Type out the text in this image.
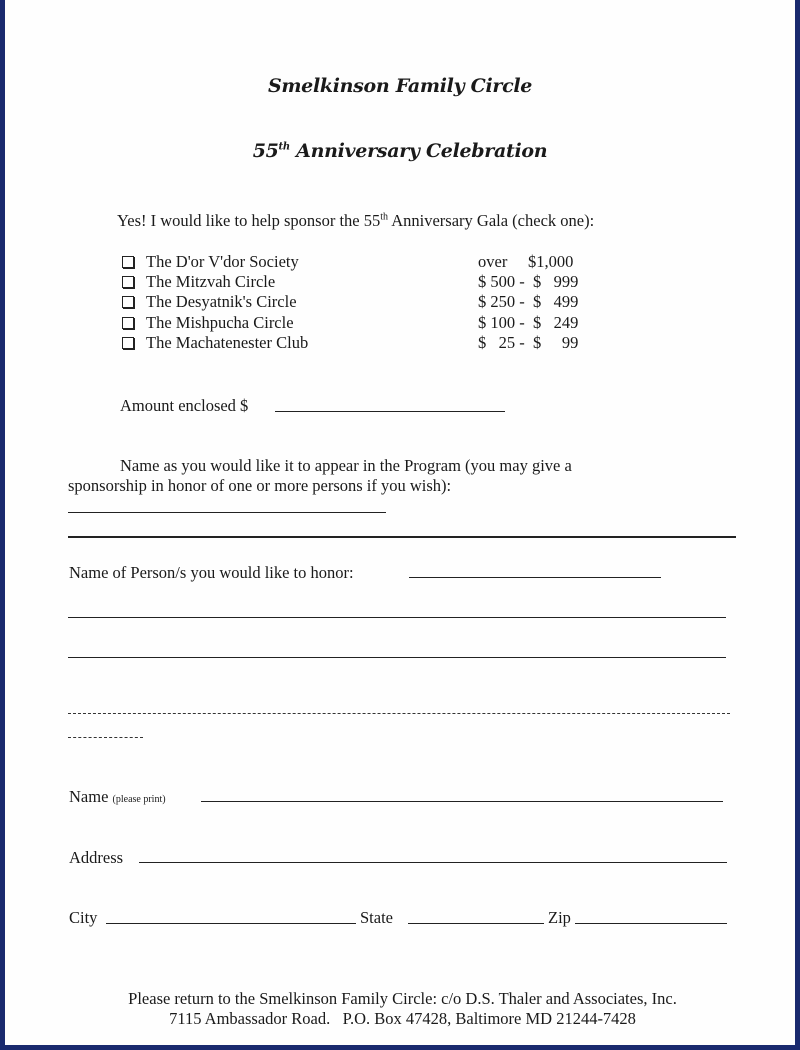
Smelkinson Family Circle
55th Anniversary Celebration
Yes! I would like to help sponsor the 55th Anniversary Gala (check one):
The D'or V'dor Society	over     $1,000
The Mitzvah Circle	$ 500 -  $   999
The Desyatnik's Circle	$ 250 -  $   499
The Mishpucha Circle	$ 100 -  $   249
The Machatenester Club	$   25 -  $     99
Amount enclosed $
Name as you would like it to appear in the Program (you may give a
sponsorship in honor of one or more persons if you wish):
Name of Person/s you would like to honor:
Name (please print)
Address
City	State	Zip
Please return to the Smelkinson Family Circle: c/o D.S. Thaler and Associates, Inc.
7115 Ambassador Road.   P.O. Box 47428, Baltimore MD 21244-7428
